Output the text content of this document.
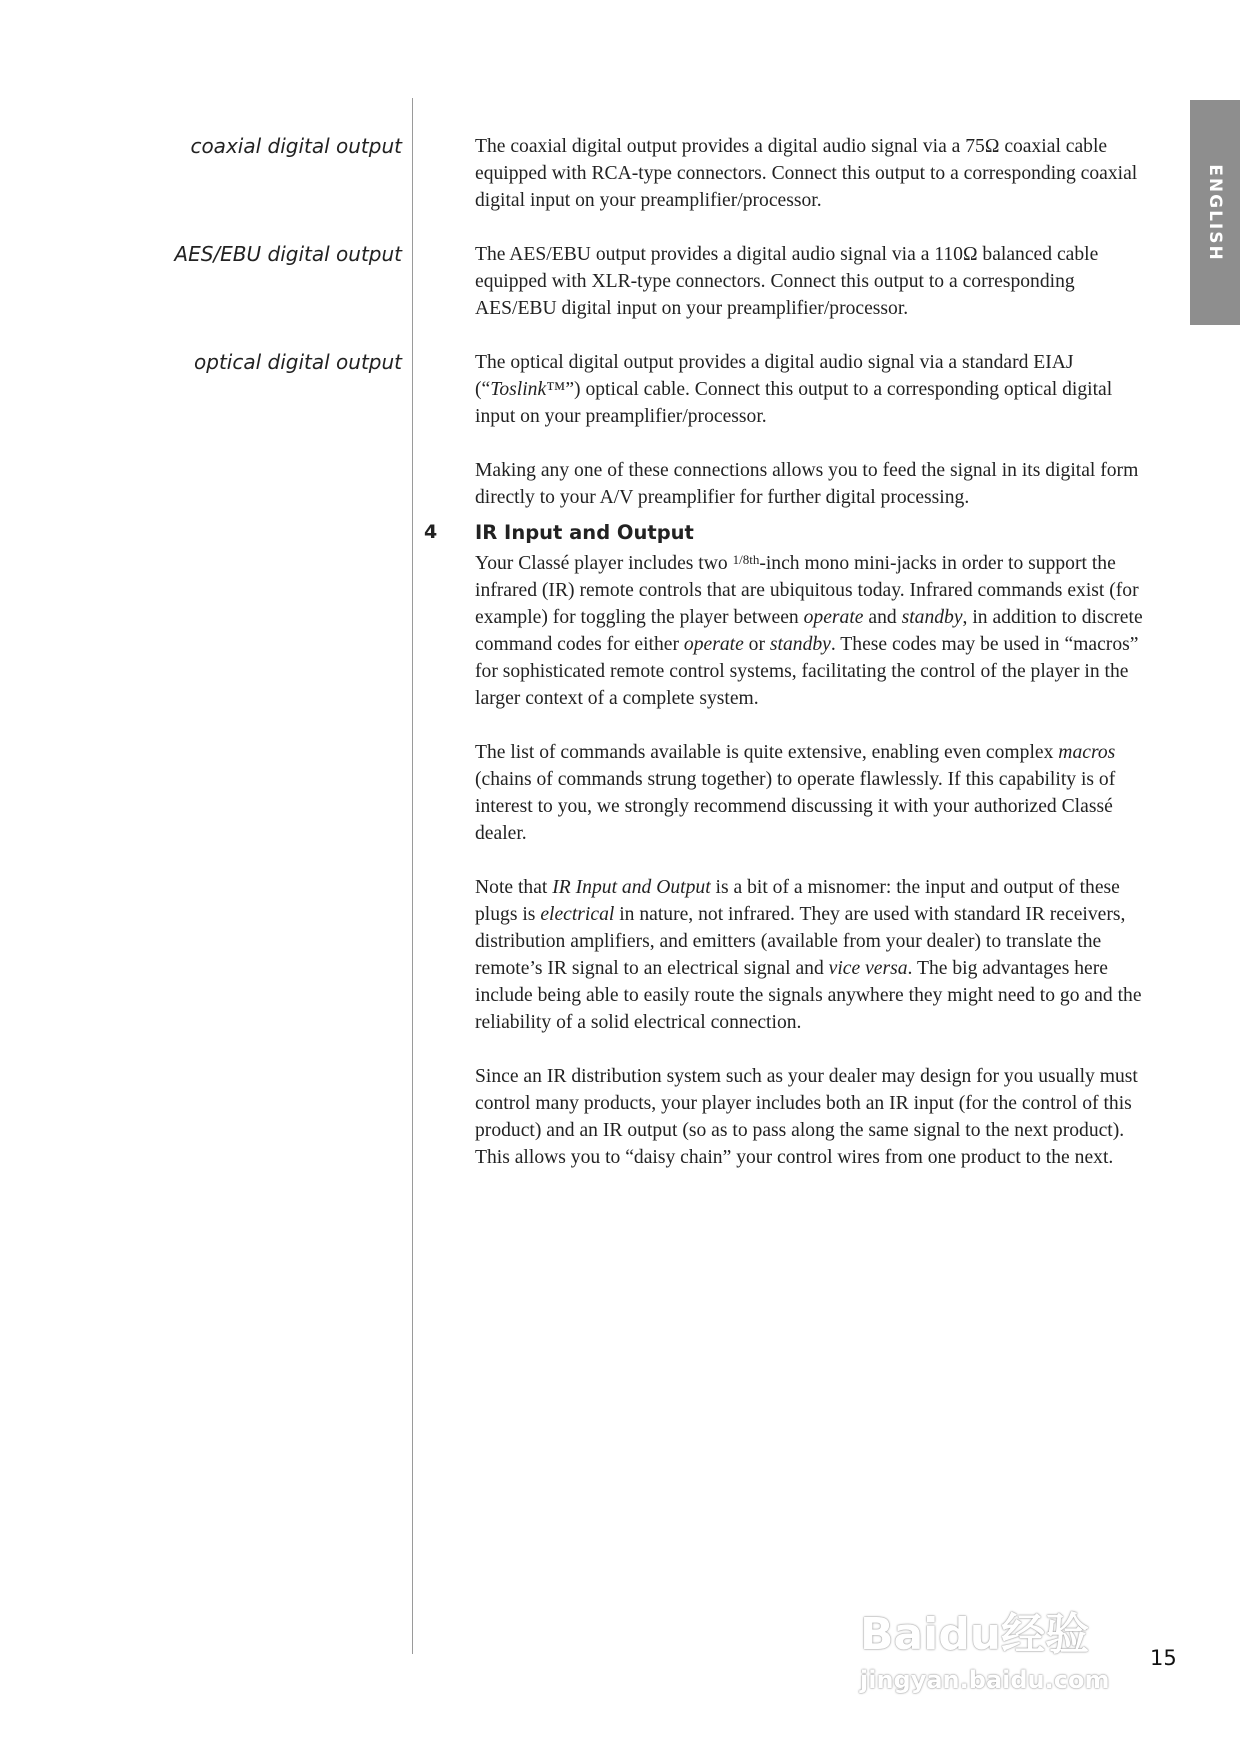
ENGLISH
coaxial digital output	The coaxial digital output provides a digital audio signal via a 75Ω coaxial cable equipped with RCA-type connectors. Connect this output to a corresponding coaxial digital input on your preamplifier/processor.

AES/EBU digital output	The AES/EBU output provides a digital audio signal via a 110Ω balanced cable equipped with XLR-type connectors. Connect this output to a corresponding AES/EBU digital input on your preamplifier/processor.

optical digital output	The optical digital output provides a digital audio signal via a standard EIAJ (“Toslink™”) optical cable. Connect this output to a corresponding optical digital input on your preamplifier/processor.

Making any one of these connections allows you to feed the signal in its digital form directly to your A/V preamplifier for further digital processing.

4 IR Input and Output

Your Classé player includes two $^{1/8th}$-inch mono mini-jacks in order to support the infrared (IR) remote controls that are ubiquitous today. Infrared commands exist (for example) for toggling the player between operate and standby, in addition to discrete command codes for either operate or standby. These codes may be used in “macros” for sophisticated remote control systems, facilitating the control of the player in the larger context of a complete system.

The list of commands available is quite extensive, enabling even complex macros (chains of commands strung together) to operate flawlessly. If this capability is of interest to you, we strongly recommend discussing it with your authorized Classé dealer.

Note that IR Input and Output is a bit of a misnomer: the input and output of these plugs is electrical in nature, not infrared. They are used with standard IR receivers, distribution amplifiers, and emitters (available from your dealer) to translate the remote’s IR signal to an electrical signal and vice versa. The big advantages here include being able to easily route the signals anywhere they might need to go and the reliability of a solid electrical connection.

Since an IR distribution system such as your dealer may design for you usually must control many products, your player includes both an IR input (for the control of this product) and an IR output (so as to pass along the same signal to the next product). This allows you to “daisy chain” your control wires from one product to the next.

Baidu经验
jingyan.baidu.com
15
